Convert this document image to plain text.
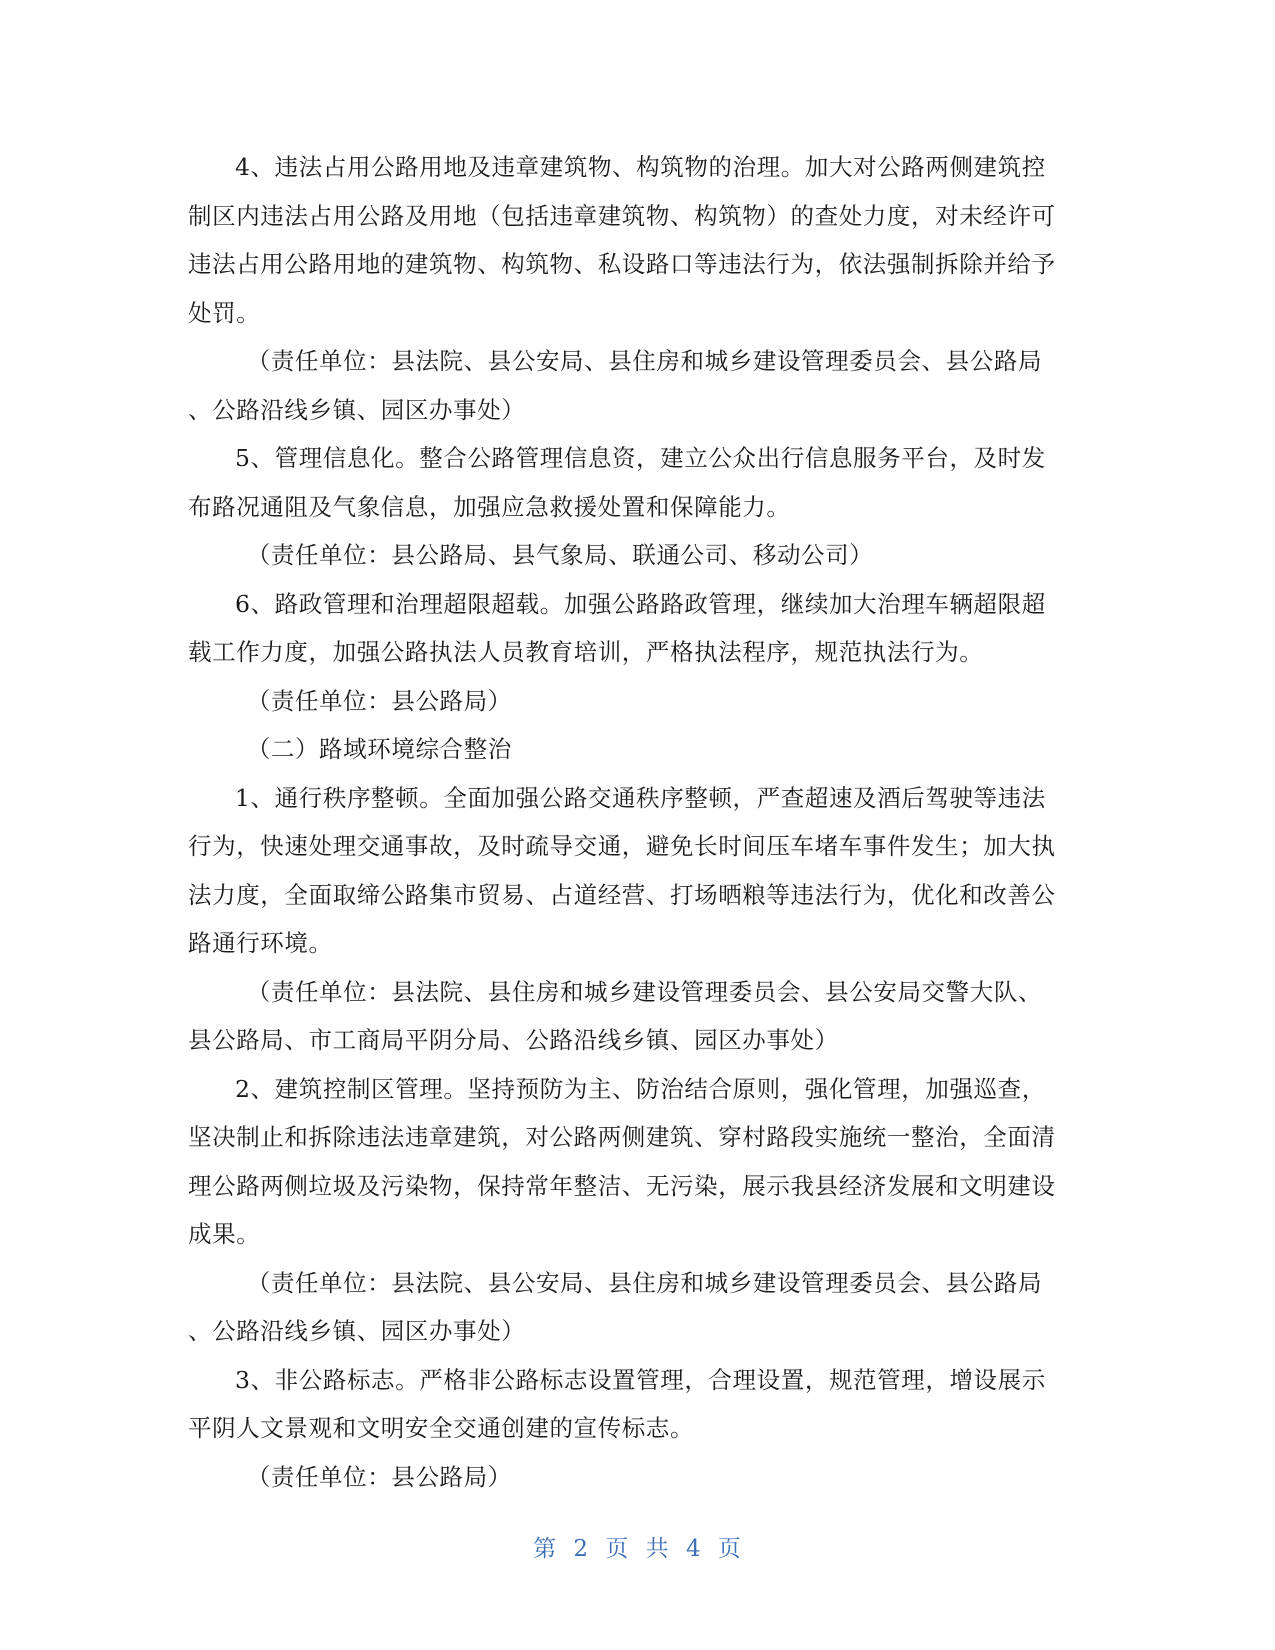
4、违法占用公路用地及违章建筑物、构筑物的治理。加大对公路两侧建筑控
制区内违法占用公路及用地（包括违章建筑物、构筑物）的查处力度，对未经许可
违法占用公路用地的建筑物、构筑物、私设路口等违法行为，依法强制拆除并给予
处罚。

（责任单位：县法院、县公安局、县住房和城乡建设管理委员会、县公路局
、公路沿线乡镇、园区办事处）

5、管理信息化。整合公路管理信息资，建立公众出行信息服务平台，及时发
布路况通阻及气象信息，加强应急救援处置和保障能力。

（责任单位：县公路局、县气象局、联通公司、移动公司）

6、路政管理和治理超限超载。加强公路路政管理，继续加大治理车辆超限超
载工作力度，加强公路执法人员教育培训，严格执法程序，规范执法行为。

（责任单位：县公路局）

（二）路域环境综合整治

1、通行秩序整顿。全面加强公路交通秩序整顿，严查超速及酒后驾驶等违法
行为，快速处理交通事故，及时疏导交通，避免长时间压车堵车事件发生；加大执
法力度，全面取缔公路集市贸易、占道经营、打场晒粮等违法行为，优化和改善公
路通行环境。

（责任单位：县法院、县住房和城乡建设管理委员会、县公安局交警大队、
县公路局、市工商局平阴分局、公路沿线乡镇、园区办事处）

2、建筑控制区管理。坚持预防为主、防治结合原则，强化管理，加强巡查，
坚决制止和拆除违法违章建筑，对公路两侧建筑、穿村路段实施统一整治，全面清
理公路两侧垃圾及污染物，保持常年整洁、无污染，展示我县经济发展和文明建设
成果。

（责任单位：县法院、县公安局、县住房和城乡建设管理委员会、县公路局
、公路沿线乡镇、园区办事处）

3、非公路标志。严格非公路标志设置管理，合理设置，规范管理，增设展示
平阴人文景观和文明安全交通创建的宣传标志。

（责任单位：县公路局）

第 2 页 共 4 页
